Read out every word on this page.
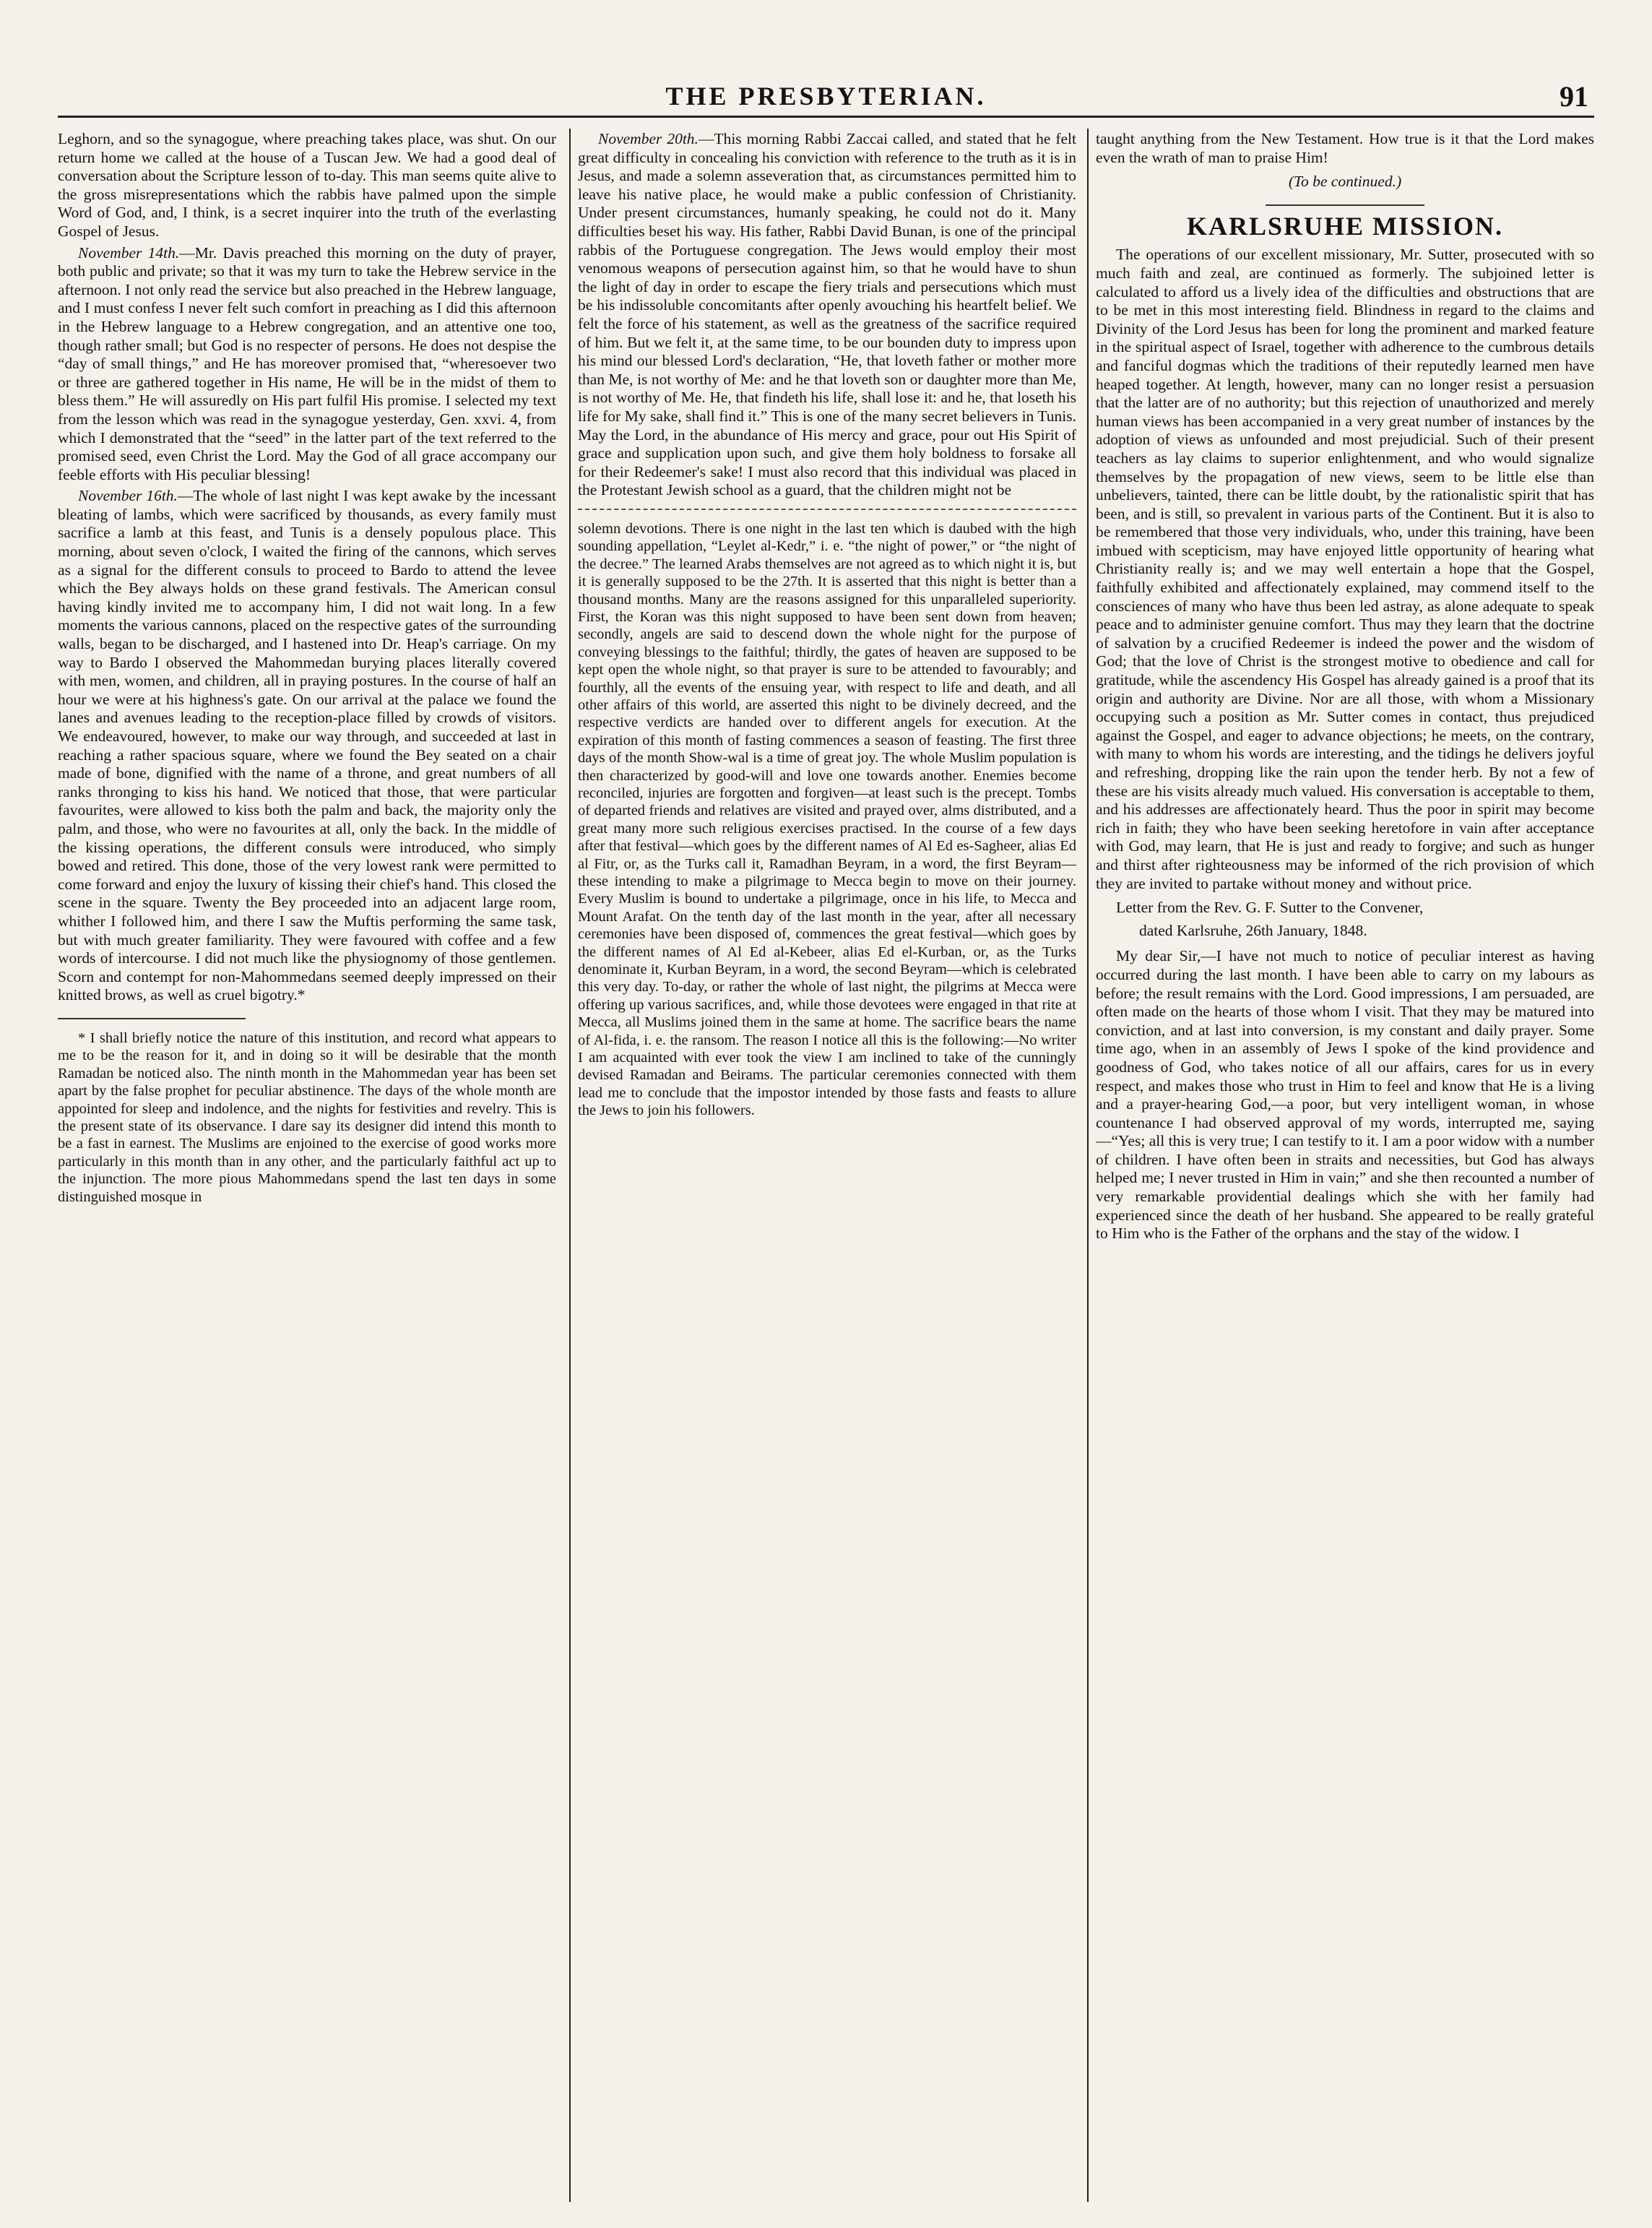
THE PRESBYTERIAN.	91

Leghorn, and so the synagogue, where preaching takes place, was shut. On our return home we called at the house of a Tuscan Jew. We had a good deal of conversation about the Scripture lesson of to-day. This man seems quite alive to the gross misrepresentations which the rabbis have palmed upon the simple Word of God, and, I think, is a secret inquirer into the truth of the everlasting Gospel of Jesus.

November 14th.—Mr. Davis preached this morning on the duty of prayer, both public and private; so that it was my turn to take the Hebrew service in the afternoon. I not only read the service but also preached in the Hebrew language, and I must confess I never felt such comfort in preaching as I did this afternoon in the Hebrew language to a Hebrew congregation, and an attentive one too, though rather small; but God is no respecter of persons. He does not despise the “day of small things,” and He has moreover promised that, “wheresoever two or three are gathered together in His name, He will be in the midst of them to bless them.” He will assuredly on His part fulfil His promise. I selected my text from the lesson which was read in the synagogue yesterday, Gen. xxvi. 4, from which I demonstrated that the “seed” in the latter part of the text referred to the promised seed, even Christ the Lord. May the God of all grace accompany our feeble efforts with His peculiar blessing!

November 16th.—The whole of last night I was kept awake by the incessant bleating of lambs, which were sacrificed by thousands, as every family must sacrifice a lamb at this feast, and Tunis is a densely populous place. This morning, about seven o'clock, I waited the firing of the cannons, which serves as a signal for the different consuls to proceed to Bardo to attend the levee which the Bey always holds on these grand festivals. The American consul having kindly invited me to accompany him, I did not wait long. In a few moments the various cannons, placed on the respective gates of the surrounding walls, began to be discharged, and I hastened into Dr. Heap's carriage. On my way to Bardo I observed the Mahommedan burying places literally covered with men, women, and children, all in praying postures. In the course of half an hour we were at his highness's gate. On our arrival at the palace we found the lanes and avenues leading to the reception-place filled by crowds of visitors. We endeavoured, however, to make our way through, and succeeded at last in reaching a rather spacious square, where we found the Bey seated on a chair made of bone, dignified with the name of a throne, and great numbers of all ranks thronging to kiss his hand. We noticed that those, that were particular favourites, were allowed to kiss both the palm and back, the majority only the palm, and those, who were no favourites at all, only the back. In the middle of the kissing operations, the different consuls were introduced, who simply bowed and retired. This done, those of the very lowest rank were permitted to come forward and enjoy the luxury of kissing their chief's hand. This closed the scene in the square. Twenty the Bey proceeded into an adjacent large room, whither I followed him, and there I saw the Muftis performing the same task, but with much greater familiarity. They were favoured with coffee and a few words of intercourse. I did not much like the physiognomy of those gentlemen. Scorn and contempt for non-Mahommedans seemed deeply impressed on their knitted brows, as well as cruel bigotry.*

* I shall briefly notice the nature of this institution, and record what appears to me to be the reason for it, and in doing so it will be desirable that the month Ramadan be noticed also. The ninth month in the Mahommedan year has been set apart by the false prophet for peculiar abstinence. The days of the whole month are appointed for sleep and indolence, and the nights for festivities and revelry. This is the present state of its observance. I dare say its designer did intend this month to be a fast in earnest. The Muslims are enjoined to the exercise of good works more particularly in this month than in any other, and the particularly faithful act up to the injunction. The more pious Mahommedans spend the last ten days in some distinguished mosque in

November 20th.—This morning Rabbi Zaccai called, and stated that he felt great difficulty in concealing his conviction with reference to the truth as it is in Jesus, and made a solemn asseveration that, as circumstances permitted him to leave his native place, he would make a public confession of Christianity. Under present circumstances, humanly speaking, he could not do it. Many difficulties beset his way. His father, Rabbi David Bunan, is one of the principal rabbis of the Portuguese congregation. The Jews would employ their most venomous weapons of persecution against him, so that he would have to shun the light of day in order to escape the fiery trials and persecutions which must be his indissoluble concomitants after openly avouching his heartfelt belief. We felt the force of his statement, as well as the greatness of the sacrifice required of him. But we felt it, at the same time, to be our bounden duty to impress upon his mind our blessed Lord's declaration, “He, that loveth father or mother more than Me, is not worthy of Me: and he that loveth son or daughter more than Me, is not worthy of Me. He, that findeth his life, shall lose it: and he, that loseth his life for My sake, shall find it.” This is one of the many secret believers in Tunis. May the Lord, in the abundance of His mercy and grace, pour out His Spirit of grace and supplication upon such, and give them holy boldness to forsake all for their Redeemer's sake! I must also record that this individual was placed in the Protestant Jewish school as a guard, that the children might not be

solemn devotions. There is one night in the last ten which is daubed with the high sounding appellation, “Leylet al-Kedr,” i. e. “the night of power,” or “the night of the decree.” The learned Arabs themselves are not agreed as to which night it is, but it is generally supposed to be the 27th. It is asserted that this night is better than a thousand months. Many are the reasons assigned for this unparalleled superiority. First, the Koran was this night supposed to have been sent down from heaven; secondly, angels are said to descend down the whole night for the purpose of conveying blessings to the faithful; thirdly, the gates of heaven are supposed to be kept open the whole night, so that prayer is sure to be attended to favourably; and fourthly, all the events of the ensuing year, with respect to life and death, and all other affairs of this world, are asserted this night to be divinely decreed, and the respective verdicts are handed over to different angels for execution. At the expiration of this month of fasting commences a season of feasting. The first three days of the month Show-wal is a time of great joy. The whole Muslim population is then characterized by good-will and love one towards another. Enemies become reconciled, injuries are forgotten and forgiven—at least such is the precept. Tombs of departed friends and relatives are visited and prayed over, alms distributed, and a great many more such religious exercises practised. In the course of a few days after that festival—which goes by the different names of Al Ed es-Sagheer, alias Ed al Fitr, or, as the Turks call it, Ramadhan Beyram, in a word, the first Beyram—these intending to make a pilgrimage to Mecca begin to move on their journey. Every Muslim is bound to undertake a pilgrimage, once in his life, to Mecca and Mount Arafat. On the tenth day of the last month in the year, after all necessary ceremonies have been disposed of, commences the great festival—which goes by the different names of Al Ed al-Kebeer, alias Ed el-Kurban, or, as the Turks denominate it, Kurban Beyram, in a word, the second Beyram—which is celebrated this very day. To-day, or rather the whole of last night, the pilgrims at Mecca were offering up various sacrifices, and, while those devotees were engaged in that rite at Mecca, all Muslims joined them in the same at home. The sacrifice bears the name of Al-fida, i. e. the ransom. The reason I notice all this is the following:—No writer I am acquainted with ever took the view I am inclined to take of the cunningly devised Ramadan and Beirams. The particular ceremonies connected with them lead me to conclude that the impostor intended by those fasts and feasts to allure the Jews to join his followers.

taught anything from the New Testament. How true is it that the Lord makes even the wrath of man to praise Him!

(To be continued.)

KARLSRUHE MISSION.

The operations of our excellent missionary, Mr. Sutter, prosecuted with so much faith and zeal, are continued as formerly. The subjoined letter is calculated to afford us a lively idea of the difficulties and obstructions that are to be met in this most interesting field. Blindness in regard to the claims and Divinity of the Lord Jesus has been for long the prominent and marked feature in the spiritual aspect of Israel, together with adherence to the cumbrous details and fanciful dogmas which the traditions of their reputedly learned men have heaped together. At length, however, many can no longer resist a persuasion that the latter are of no authority; but this rejection of unauthorized and merely human views has been accompanied in a very great number of instances by the adoption of views as unfounded and most prejudicial. Such of their present teachers as lay claims to superior enlightenment, and who would signalize themselves by the propagation of new views, seem to be little else than unbelievers, tainted, there can be little doubt, by the rationalistic spirit that has been, and is still, so prevalent in various parts of the Continent. But it is also to be remembered that those very individuals, who, under this training, have been imbued with scepticism, may have enjoyed little opportunity of hearing what Christianity really is; and we may well entertain a hope that the Gospel, faithfully exhibited and affectionately explained, may commend itself to the consciences of many who have thus been led astray, as alone adequate to speak peace and to administer genuine comfort. Thus may they learn that the doctrine of salvation by a crucified Redeemer is indeed the power and the wisdom of God; that the love of Christ is the strongest motive to obedience and call for gratitude, while the ascendency His Gospel has already gained is a proof that its origin and authority are Divine. Nor are all those, with whom a Missionary occupying such a position as Mr. Sutter comes in contact, thus prejudiced against the Gospel, and eager to advance objections; he meets, on the contrary, with many to whom his words are interesting, and the tidings he delivers joyful and refreshing, dropping like the rain upon the tender herb. By not a few of these are his visits already much valued. His conversation is acceptable to them, and his addresses are affectionately heard. Thus the poor in spirit may become rich in faith; they who have been seeking heretofore in vain after acceptance with God, may learn, that He is just and ready to forgive; and such as hunger and thirst after righteousness may be informed of the rich provision of which they are invited to partake without money and without price.

Letter from the Rev. G. F. Sutter to the Convener,

dated Karlsruhe, 26th January, 1848.

My dear Sir,—I have not much to notice of peculiar interest as having occurred during the last month. I have been able to carry on my labours as before; the result remains with the Lord. Good impressions, I am persuaded, are often made on the hearts of those whom I visit. That they may be matured into conviction, and at last into conversion, is my constant and daily prayer. Some time ago, when in an assembly of Jews I spoke of the kind providence and goodness of God, who takes notice of all our affairs, cares for us in every respect, and makes those who trust in Him to feel and know that He is a living and a prayer-hearing God,—a poor, but very intelligent woman, in whose countenance I had observed approval of my words, interrupted me, saying—“Yes; all this is very true; I can testify to it. I am a poor widow with a number of children. I have often been in straits and necessities, but God has always helped me; I never trusted in Him in vain;” and she then recounted a number of very remarkable providential dealings which she with her family had experienced since the death of her husband. She appeared to be really grateful to Him who is the Father of the orphans and the stay of the widow. I
